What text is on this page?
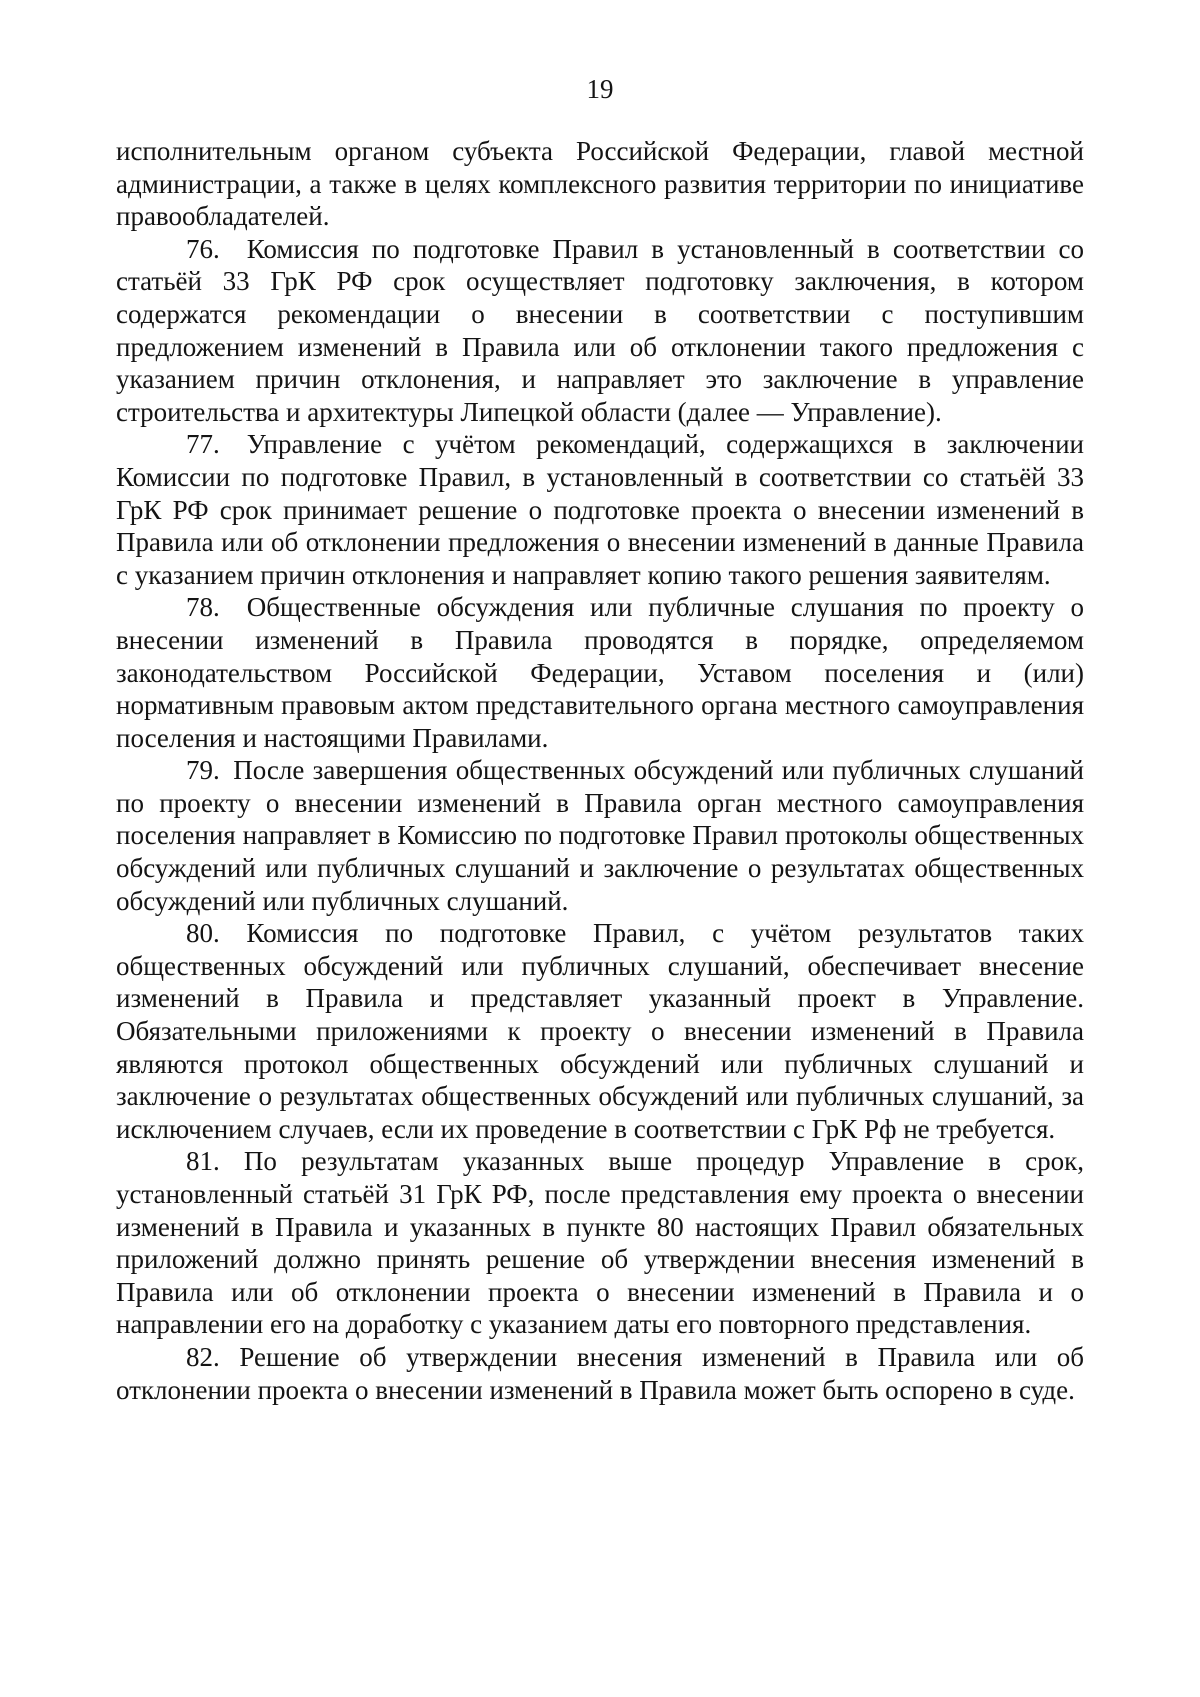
19

исполнительным органом субъекта Российской Федерации, главой местной администрации, а также в целях комплексного развития территории по инициативе правообладателей.

76. Комиссия по подготовке Правил в установленный в соответствии со статьёй 33 ГрК РФ срок осуществляет подготовку заключения, в котором содержатся рекомендации о внесении в соответствии с поступившим предложением изменений в Правила или об отклонении такого предложения с указанием причин отклонения, и направляет это заключение в управление строительства и архитектуры Липецкой области (далее — Управление).

77. Управление с учётом рекомендаций, содержащихся в заключении Комиссии по подготовке Правил, в установленный в соответствии со статьёй 33 ГрК РФ срок принимает решение о подготовке проекта о внесении изменений в Правила или об отклонении предложения о внесении изменений в данные Правила с указанием причин отклонения и направляет копию такого решения заявителям.

78. Общественные обсуждения или публичные слушания по проекту о внесении изменений в Правила проводятся в порядке, определяемом законодательством Российской Федерации, Уставом поселения и (или) нормативным правовым актом представительного органа местного самоуправления поселения и настоящими Правилами.

79. После завершения общественных обсуждений или публичных слушаний по проекту о внесении изменений в Правила орган местного самоуправления поселения направляет в Комиссию по подготовке Правил протоколы общественных обсуждений или публичных слушаний и заключение о результатах общественных обсуждений или публичных слушаний.

80. Комиссия по подготовке Правил, с учётом результатов таких общественных обсуждений или публичных слушаний, обеспечивает внесение изменений в Правила и представляет указанный проект в Управление. Обязательными приложениями к проекту о внесении изменений в Правила являются протокол общественных обсуждений или публичных слушаний и заключение о результатах общественных обсуждений или публичных слушаний, за исключением случаев, если их проведение в соответствии с ГрК Рф не требуется.

81. По результатам указанных выше процедур Управление в срок, установленный статьёй 31 ГрК РФ, после представления ему проекта о внесении изменений в Правила и указанных в пункте 80 настоящих Правил обязательных приложений должно принять решение об утверждении внесения изменений в Правила или об отклонении проекта о внесении изменений в Правила и о направлении его на доработку с указанием даты его повторного представления.

82. Решение об утверждении внесения изменений в Правила или об отклонении проекта о внесении изменений в Правила может быть оспорено в суде.
